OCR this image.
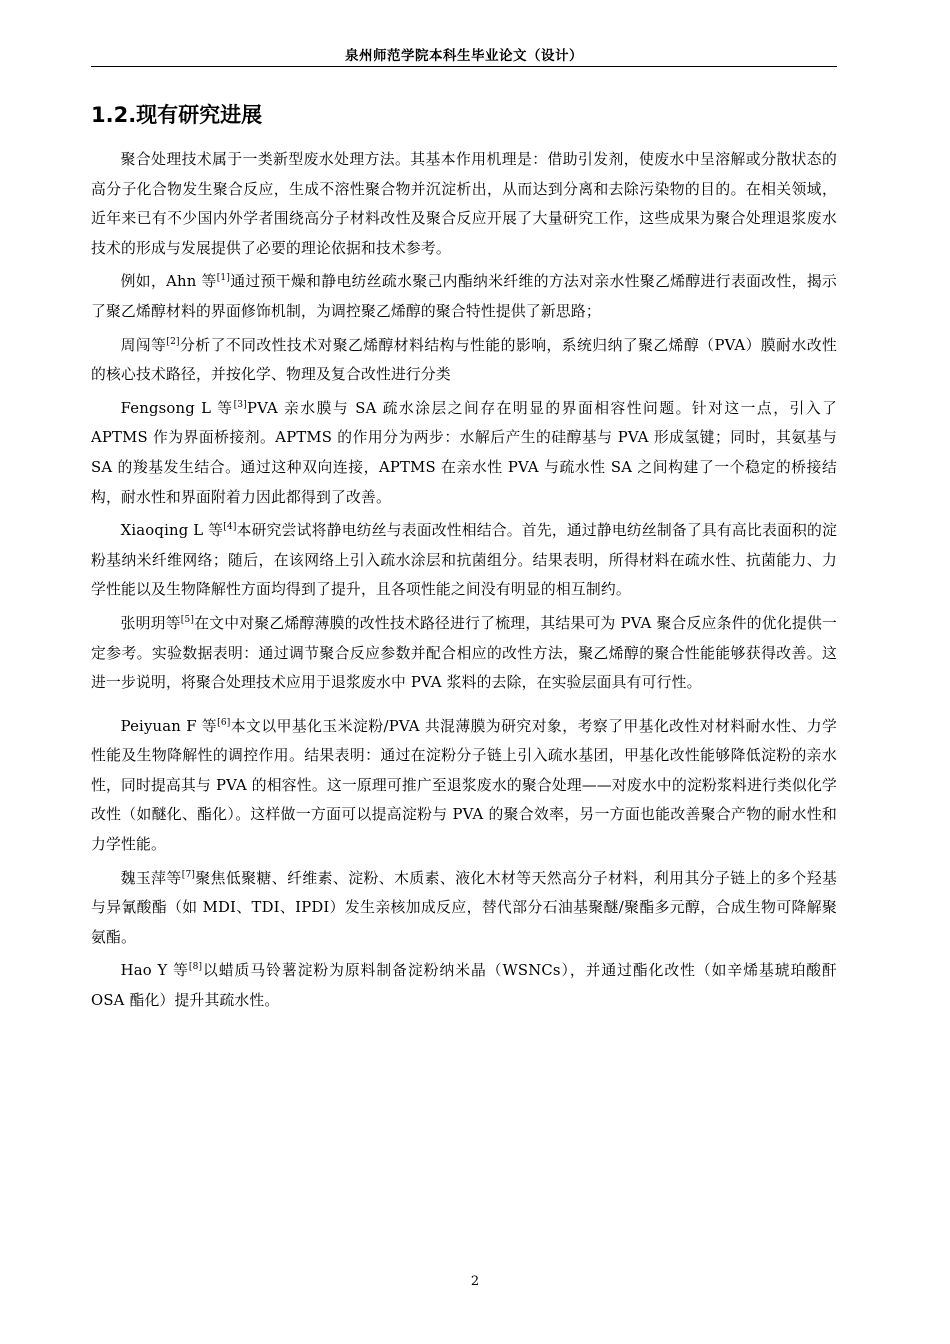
泉州师范学院本科生毕业论文（设计）
1.2.现有研究进展

聚合处理技术属于一类新型废水处理方法。其基本作用机理是：借助引发剂，使废水中呈溶解或分散状态的高分子化合物发生聚合反应，生成不溶性聚合物并沉淀析出，从而达到分离和去除污染物的目的。在相关领域，近年来已有不少国内外学者围绕高分子材料改性及聚合反应开展了大量研究工作，这些成果为聚合处理退浆废水技术的形成与发展提供了必要的理论依据和技术参考。

例如，Ahn 等[1]通过预干燥和静电纺丝疏水聚己内酯纳米纤维的方法对亲水性聚乙烯醇进行表面改性，揭示了聚乙烯醇材料的界面修饰机制，为调控聚乙烯醇的聚合特性提供了新思路；

周闯等[2]分析了不同改性技术对聚乙烯醇材料结构与性能的影响，系统归纳了聚乙烯醇（PVA）膜耐水改性的核心技术路径，并按化学、物理及复合改性进行分类

Fengsong L 等[3]PVA 亲水膜与 SA 疏水涂层之间存在明显的界面相容性问题。针对这一点，引入了 APTMS 作为界面桥接剂。APTMS 的作用分为两步：水解后产生的硅醇基与 PVA 形成氢键；同时，其氨基与 SA 的羧基发生结合。通过这种双向连接，APTMS 在亲水性 PVA 与疏水性 SA 之间构建了一个稳定的桥接结构，耐水性和界面附着力因此都得到了改善。

Xiaoqing L 等[4]本研究尝试将静电纺丝与表面改性相结合。首先，通过静电纺丝制备了具有高比表面积的淀粉基纳米纤维网络；随后，在该网络上引入疏水涂层和抗菌组分。结果表明，所得材料在疏水性、抗菌能力、力学性能以及生物降解性方面均得到了提升，且各项性能之间没有明显的相互制约。

张明玥等[5]在文中对聚乙烯醇薄膜的改性技术路径进行了梳理，其结果可为 PVA 聚合反应条件的优化提供一定参考。实验数据表明：通过调节聚合反应参数并配合相应的改性方法，聚乙烯醇的聚合性能能够获得改善。这进一步说明，将聚合处理技术应用于退浆废水中 PVA 浆料的去除，在实验层面具有可行性。

Peiyuan F 等[6]本文以甲基化玉米淀粉/PVA 共混薄膜为研究对象，考察了甲基化改性对材料耐水性、力学性能及生物降解性的调控作用。结果表明：通过在淀粉分子链上引入疏水基团，甲基化改性能够降低淀粉的亲水性，同时提高其与 PVA 的相容性。这一原理可推广至退浆废水的聚合处理——对废水中的淀粉浆料进行类似化学改性（如醚化、酯化）。这样做一方面可以提高淀粉与 PVA 的聚合效率，另一方面也能改善聚合产物的耐水性和力学性能。

魏玉萍等[7]聚焦低聚糖、纤维素、淀粉、木质素、液化木材等天然高分子材料，利用其分子链上的多个羟基与异氰酸酯（如 MDI、TDI、IPDI）发生亲核加成反应，替代部分石油基聚醚/聚酯多元醇，合成生物可降解聚氨酯。

Hao Y 等[8]以蜡质马铃薯淀粉为原料制备淀粉纳米晶（WSNCs），并通过酯化改性（如辛烯基琥珀酸酐 OSA 酯化）提升其疏水性。

2
